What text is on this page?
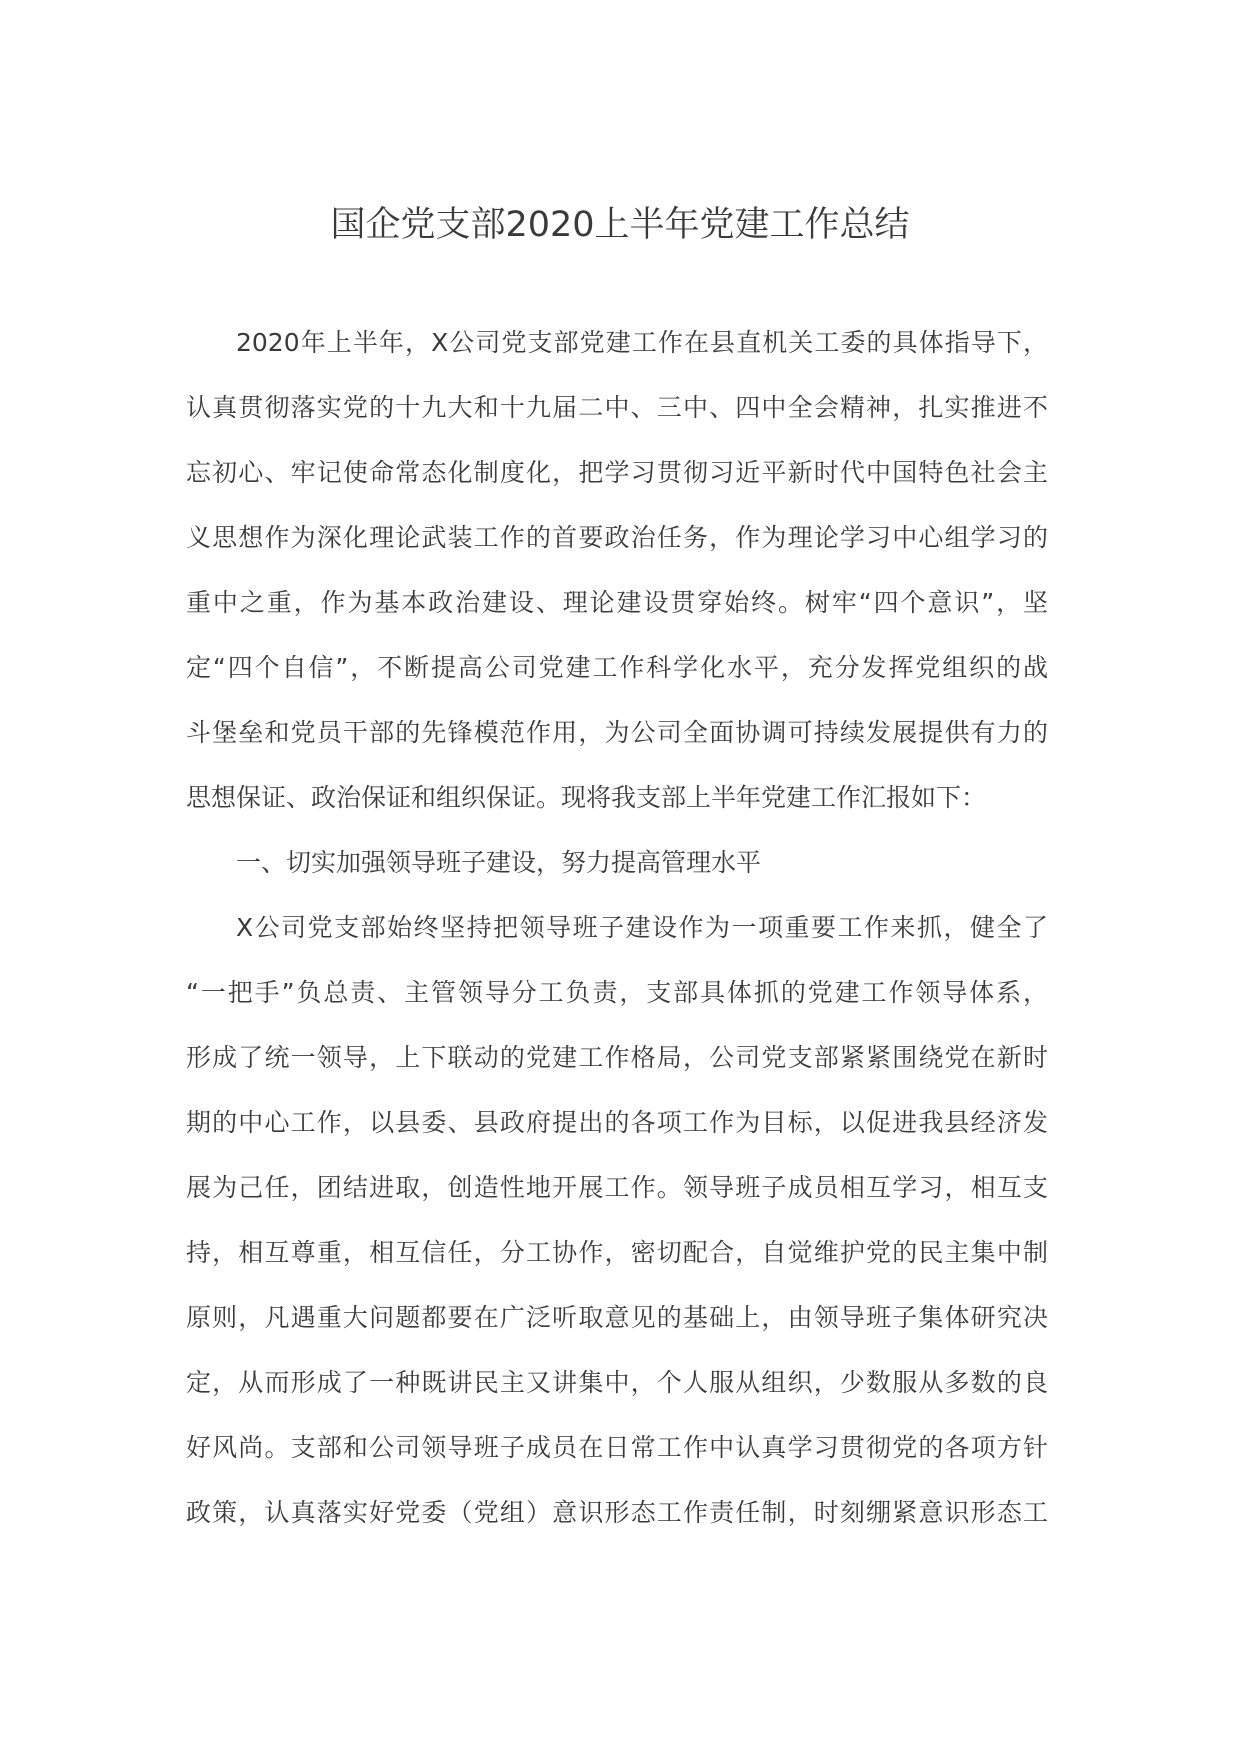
国企党支部2020上半年党建工作总结
2020年上半年，X公司党支部党建工作在县直机关工委的具体指导下，
认真贯彻落实党的十九大和十九届二中、三中、四中全会精神，扎实推进不
忘初心、牢记使命常态化制度化，把学习贯彻习近平新时代中国特色社会主
义思想作为深化理论武装工作的首要政治任务，作为理论学习中心组学习的
重中之重，作为基本政治建设、理论建设贯穿始终。树牢“四个意识”，坚
定“四个自信”，不断提高公司党建工作科学化水平，充分发挥党组织的战
斗堡垒和党员干部的先锋模范作用，为公司全面协调可持续发展提供有力的
思想保证、政治保证和组织保证。现将我支部上半年党建工作汇报如下：
一、切实加强领导班子建设，努力提高管理水平
X公司党支部始终坚持把领导班子建设作为一项重要工作来抓，健全了
“一把手”负总责、主管领导分工负责，支部具体抓的党建工作领导体系，
形成了统一领导，上下联动的党建工作格局，公司党支部紧紧围绕党在新时
期的中心工作，以县委、县政府提出的各项工作为目标，以促进我县经济发
展为己任，团结进取，创造性地开展工作。领导班子成员相互学习，相互支
持，相互尊重，相互信任，分工协作，密切配合，自觉维护党的民主集中制
原则，凡遇重大问题都要在广泛听取意见的基础上，由领导班子集体研究决
定，从而形成了一种既讲民主又讲集中，个人服从组织，少数服从多数的良
好风尚。支部和公司领导班子成员在日常工作中认真学习贯彻党的各项方针
政策，认真落实好党委（党组）意识形态工作责任制，时刻绷紧意识形态工
